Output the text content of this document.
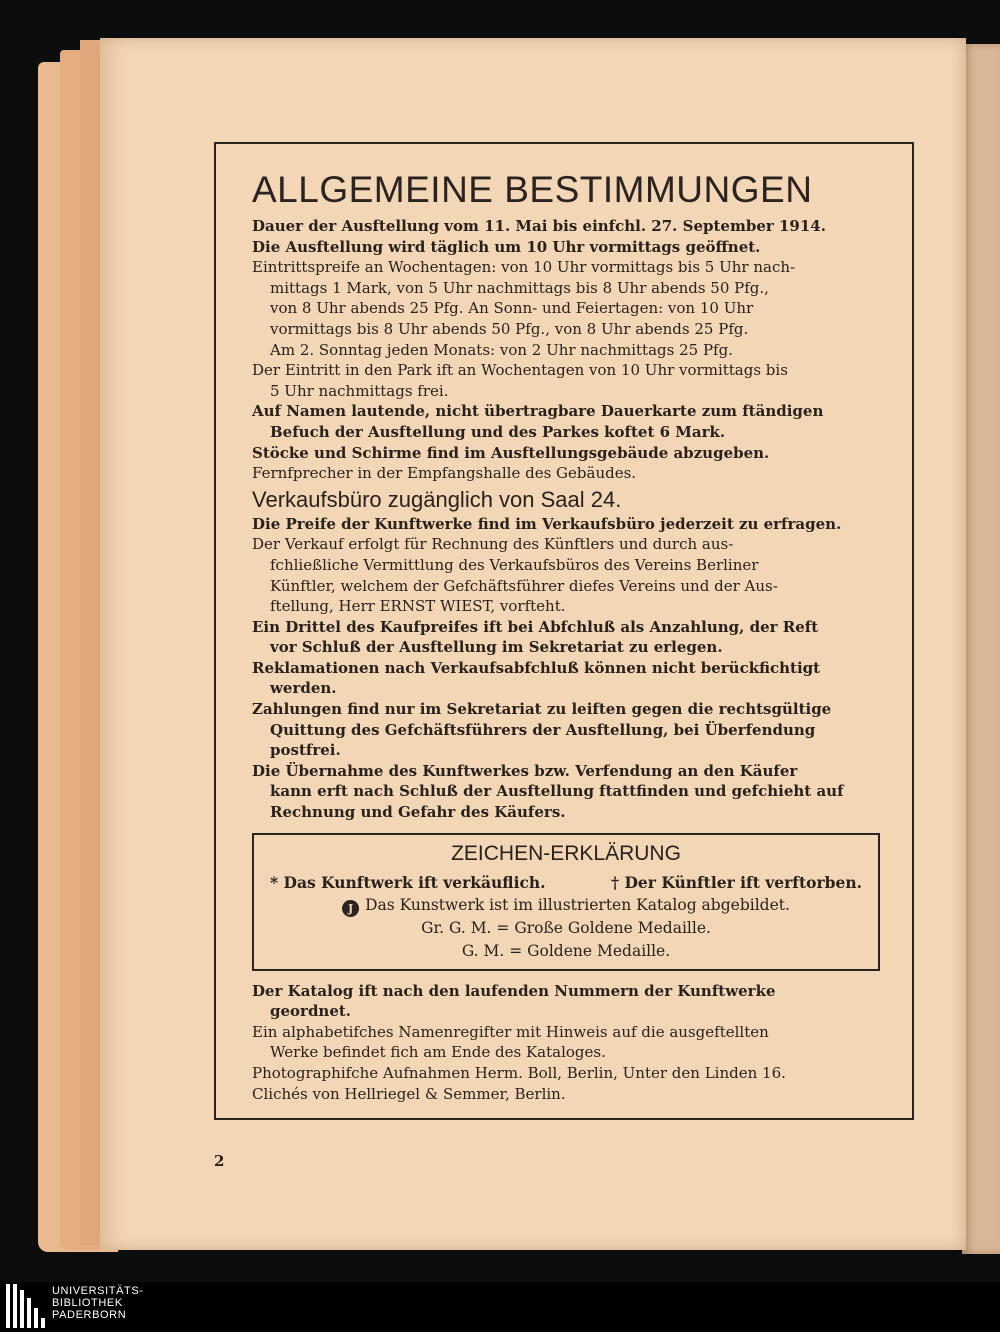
ALLGEMEINE BESTIMMUNGEN

Dauer der Ausftellung vom 11. Mai bis einfchl. 27. September 1914.

Die Ausftellung wird täglich um 10 Uhr vormittags geöffnet.

Eintrittspreife an Wochentagen: von 10 Uhr vormittags bis 5 Uhr nach-

mittags 1 Mark, von 5 Uhr nachmittags bis 8 Uhr abends 50 Pfg.,
von 8 Uhr abends 25 Pfg. An Sonn- und Feiertagen: von 10 Uhr
vormittags bis 8 Uhr abends 50 Pfg., von 8 Uhr abends 25 Pfg.
Am 2. Sonntag jeden Monats: von 2 Uhr nachmittags 25 Pfg.

Der Eintritt in den Park ift an Wochentagen von 10 Uhr vormittags bis

5 Uhr nachmittags frei.

Auf Namen lautende, nicht übertragbare Dauerkarte zum ftändigen

Befuch der Ausftellung und des Parkes koftet 6 Mark.

Stöcke und Schirme find im Ausftellungsgebäude abzugeben.

Fernfprecher in der Empfangshalle des Gebäudes.

Verkaufsbüro zugänglich von Saal 24.

Die Preife der Kunftwerke find im Verkaufsbüro jederzeit zu erfragen.

Der Verkauf erfolgt für Rechnung des Künftlers und durch aus-

fchließliche Vermittlung des Verkaufsbüros des Vereins Berliner
Künftler, welchem der Gefchäftsführer diefes Vereins und der Aus-
ftellung, Herr ERNST WIEST, vorfteht.

Ein Drittel des Kaufpreifes ift bei Abfchluß als Anzahlung, der Reft

vor Schluß der Ausftellung im Sekretariat zu erlegen.

Reklamationen nach Verkaufsabfchluß können nicht berückfichtigt

werden.

Zahlungen find nur im Sekretariat zu leiften gegen die rechtsgültige

Quittung des Gefchäftsführers der Ausftellung, bei Überfendung
postfrei.

Die Übernahme des Kunftwerkes bzw. Verfendung an den Käufer

kann erft nach Schluß der Ausftellung ftattfinden und gefchieht auf
Rechnung und Gefahr des Käufers.

ZEICHEN-ERKLÄRUNG
* Das Kunftwerk ift verkäuflich.	† Der Künftler ift verftorben.
J Das Kunstwerk ist im illustrierten Katalog abgebildet.
Gr. G. M. = Große Goldene Medaille.
G. M. = Goldene Medaille.

Der Katalog ift nach den laufenden Nummern der Kunftwerke

geordnet.

Ein alphabetifches Namenregifter mit Hinweis auf die ausgeftellten

Werke befindet fich am Ende des Kataloges.

Photographifche Aufnahmen Herm. Boll, Berlin, Unter den Linden 16.

Clichés von Hellriegel & Semmer, Berlin.

2
UNIVERSITÄTS-
BIBLIOTHEK
PADERBORN
